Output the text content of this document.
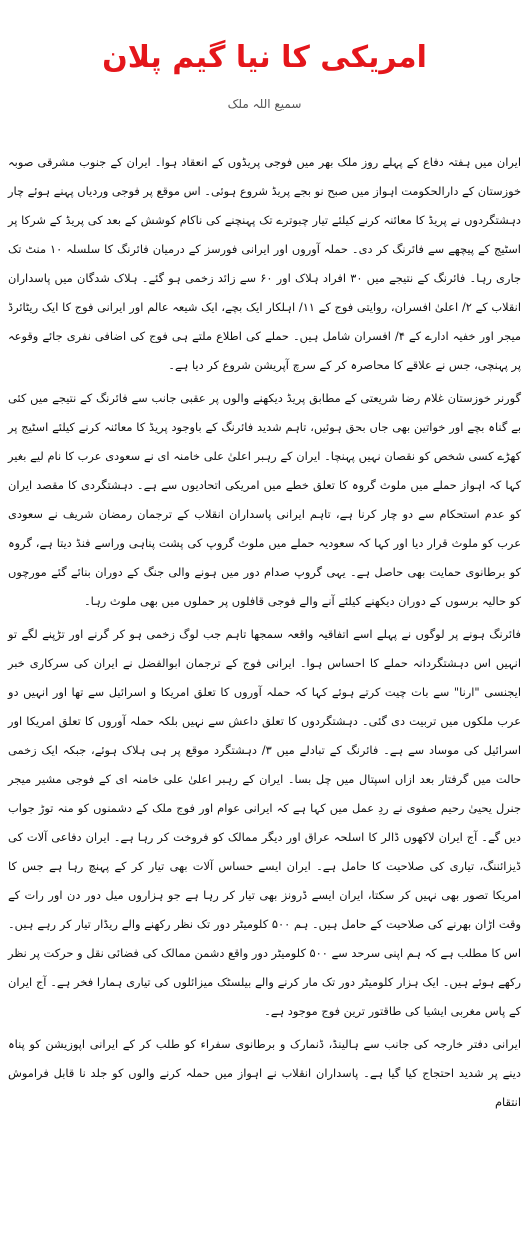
امریکی کا نیا گیم پلان
سمیع اللہ ملک

ایران میں ہفتہ دفاع کے پہلے روز ملک بھر میں فوجی پریڈوں کے انعقاد ہوا۔ ایران کے جنوب مشرقی صوبہ خوزستان کے دارالحکومت اہواز میں صبح نو بجے پریڈ شروع ہوئی۔ اس موقع پر فوجی وردیاں پہنے ہوئے چار دہشتگردوں نے پریڈ کا معائنہ کرنے کیلئے تیار چبوترے تک پہنچنے کی ناکام کوشش کے بعد کی پریڈ کے شرکا پر اسٹیج کے پیچھے سے فائرنگ کر دی۔ حملہ آوروں اور ایرانی فورسز کے درمیان فائرنگ کا سلسلہ ۱۰ منٹ تک جاری رہا۔ فائرنگ کے نتیجے میں ۳۰ افراد ہلاک اور ۶۰ سے زائد زخمی ہو گئے۔ ہلاک شدگان میں پاسداران انقلاب کے ۲/ اعلیٰ افسران، روایتی فوج کے ۱۱/ اہلکار ایک بچے، ایک شیعہ عالم اور ایرانی فوج کا ایک ریٹائرڈ میجر اور خفیہ ادارے کے ۴/ افسران شامل ہیں۔ حملے کی اطلاع ملتے ہی فوج کی اضافی نفری جائے وقوعہ پر پہنچی، جس نے علاقے کا محاصرہ کر کے سرچ آپریشن شروع کر دیا ہے۔

گورنر خوزستان غلام رضا شریعتی کے مطابق پریڈ دیکھنے والوں پر عقبی جانب سے فائرنگ کے نتیجے میں کئی بے گناہ بچے اور خواتین بھی جاں بحق ہوئیں، تاہم شدید فائرنگ کے باوجود پریڈ کا معائنہ کرنے کیلئے اسٹیج پر کھڑے کسی شخص کو نقصان نہیں پہنچا۔ ایران کے رہبر اعلیٰ علی خامنہ ای نے سعودی عرب کا نام لیے بغیر کہا کہ اہواز حملے میں ملوث گروہ کا تعلق خطے میں امریکی اتحادیوں سے ہے۔ دہشتگردی کا مقصد ایران کو عدم استحکام سے دو چار کرنا ہے، تاہم ایرانی پاسداران انقلاب کے ترجمان رمضان شریف نے سعودی عرب کو ملوث قرار دیا اور کہا کہ سعودیہ حملے میں ملوث گروپ کی پشت پناہی وراسے فنڈ دیتا ہے، گروہ کو برطانوی حمایت بھی حاصل ہے۔ یہی گروپ صدام دور میں ہونے والی جنگ کے دوران بنائے گئے مورچوں کو حالیہ برسوں کے دوران دیکھنے کیلئے آنے والے فوجی قافلوں پر حملوں میں بھی ملوث رہا۔

فائرنگ ہونے پر لوگوں نے پہلے اسے اتفاقیہ واقعہ سمجھا تاہم جب لوگ زخمی ہو کر گرنے اور تڑپنے لگے تو انہیں اس دہشتگردانہ حملے کا احساس ہوا۔ ایرانی فوج کے ترجمان ابوالفضل نے ایران کی سرکاری خبر ایجنسی "ارنا" سے بات چیت کرتے ہوئے کہا کہ حملہ آوروں کا تعلق امریکا و اسرائیل سے تھا اور انہیں دو عرب ملکوں میں تربیت دی گئی۔ دہشتگردوں کا تعلق داعش سے نہیں بلکہ حملہ آوروں کا تعلق امریکا اور اسرائیل کی موساد سے ہے۔ فائرنگ کے تبادلے میں ۳/ دہشتگرد موقع پر ہی ہلاک ہوئے، جبکہ ایک زخمی حالت میں گرفتار بعد ازاں اسپتال میں چل بسا۔ ایران کے رہبر اعلیٰ علی خامنہ ای کے فوجی مشیر میجر جنرل یحییٰ رحیم صفوی نے ردِ عمل میں کہا ہے کہ ایرانی عوام اور فوج ملک کے دشمنوں کو منہ توڑ جواب دیں گے۔ آج ایران لاکھوں ڈالر کا اسلحہ عراق اور دیگر ممالک کو فروخت کر رہا ہے۔ ایران دفاعی آلات کی ڈیزائننگ، تیاری کی صلاحیت کا حامل ہے۔ ایران ایسے حساس آلات بھی تیار کر کے پہنچ رہا ہے جس کا امریکا تصور بھی نہیں کر سکتا، ایران ایسے ڈرونز بھی تیار کر رہا ہے جو ہزاروں میل دور دن اور رات کے وقت اڑان بھرنے کی صلاحیت کے حامل ہیں۔ ہم ۵۰۰ کلومیٹر دور تک نظر رکھنے والے ریڈار تیار کر رہے ہیں۔ اس کا مطلب ہے کہ ہم اپنی سرحد سے ۵۰۰ کلومیٹر دور واقع دشمن ممالک کی فضائی نقل و حرکت پر نظر رکھے ہوئے ہیں۔ ایک ہزار کلومیٹر دور تک مار کرنے والے بیلسٹک میزائلوں کی تیاری ہمارا فخر ہے۔ آج ایران کے پاس مغربی ایشیا کی طاقتور ترین فوج موجود ہے۔

ایرانی دفتر خارجہ کی جانب سے ہالینڈ، ڈنمارک و برطانوی سفراء کو طلب کر کے ایرانی اپوزیشن کو پناہ دینے پر شدید احتجاج کیا گیا ہے۔ پاسداران انقلاب نے اہواز میں حملہ کرنے والوں کو جلد نا قابل فراموش انتقام
